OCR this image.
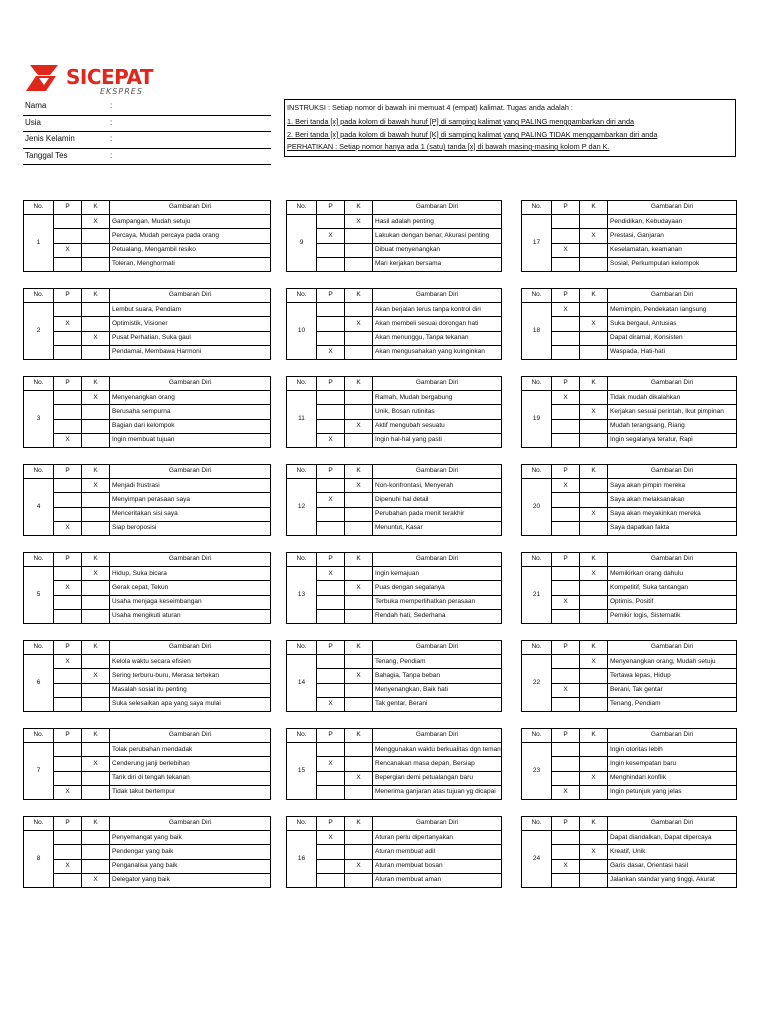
SICEPAT
EKSPRES
Nama	:
Usia	:
Jenis Kelamin	:
Tanggal Tes	:
INSTRUKSI : Setiap nomor di bawah ini memuat 4 (empat) kalimat. Tugas anda adalah :
1. Beri tanda [x] pada kolom di bawah huruf [P] di samping kalimat yang PALING menggambarkan diri anda
2. Beri tanda [x] pada kolom di bawah huruf [K] di samping kalimat yang PALING TIDAK menggambarkan diri anda
PERHATIKAN : Setiap nomor hanya ada 1 (satu) tanda [x] di bawah masing-masing kolom P dan K.
No.	P	K	Gambaran Diri
1		X	Gampangan, Mudah setuju
			Percaya, Mudah percaya pada orang
	X		Petualang, Mengambil resiko
			Toleran, Menghormati
No.	P	K	Gambaran Diri
2			Lembut suara, Pendiam
	X		Optimistik, Visioner
		X	Pusat Perhatian, Suka gaul
			Pendamai, Membawa Harmoni
No.	P	K	Gambaran Diri
3		X	Menyenangkan orang
			Berusaha sempurna
			Bagian dari kelompok
	X		Ingin membuat tujuan
No.	P	K	Gambaran Diri
4		X	Menjadi frustrasi
			Menyimpan perasaan saya
			Menceritakan sisi saya
	X		Siap beroposisi
No.	P	K	Gambaran Diri
5		X	Hidup, Suka bicara
	X		Gerak cepat, Tekun
			Usaha menjaga keseimbangan
			Usaha mengikuti aturan
No.	P	K	Gambaran Diri
6	X		Kelola waktu secara efisien
		X	Sering terburu-buru, Merasa tertekan
			Masalah sosial itu penting
			Suka selesaikan apa yang saya mulai
No.	P	K	Gambaran Diri
7			Tolak perubahan mendadak
		X	Cenderung janji berlebihan
			Tarik diri di tengah tekanan
	X		Tidak takut bertempur
No.	P	K	Gambaran Diri
8			Penyemangat yang baik
			Pendengar yang baik
	X		Penganalisa yang baik
		X	Delegator yang baik
No.	P	K	Gambaran Diri
9		X	Hasil adalah penting
	X		Lakukan dengan benar, Akurasi penting
			Dibuat menyenangkan
			Mari kerjakan bersama
No.	P	K	Gambaran Diri
10			Akan berjalan terus tanpa kontrol diri
		X	Akan membeli sesuai dorongan hati
			Akan menunggu, Tanpa tekanan
	X		Akan mengusahakan yang kuinginkan
No.	P	K	Gambaran Diri
11			Ramah, Mudah bergabung
			Unik, Bosan rutinitas
		X	Aktif mengubah sesuatu
	X		Ingin hal-hal yang pasti
No.	P	K	Gambaran Diri
12		X	Non-konfrontasi, Menyerah
	X		Dipenuhi hal detail
			Perubahan pada menit terakhir
			Menuntut, Kasar
No.	P	K	Gambaran Diri
13	X		Ingin kemajuan
		X	Puas dengan segalanya
			Terbuka memperlihatkan perasaan
			Rendah hati, Sederhana
No.	P	K	Gambaran Diri
14			Tenang, Pendiam
		X	Bahagia, Tanpa beban
			Menyenangkan, Baik hati
	X		Tak gentar, Berani
No.	P	K	Gambaran Diri
15			Menggunakan waktu berkualitas dgn teman
	X		Rencanakan masa depan, Bersiap
		X	Bepergian demi petualangan baru
			Menerima ganjaran atas tujuan yg dicapai
No.	P	K	Gambaran Diri
16	X		Aturan perlu dipertanyakan
			Aturan membuat adil
		X	Aturan membuat bosan
			Aturan membuat aman
No.	P	K	Gambaran Diri
17			Pendidikan, Kebudayaan
		X	Prestasi, Ganjaran
	X		Keselamatan, keamanan
			Sosial, Perkumpulan kelompok
No.	P	K	Gambaran Diri
18	X		Memimpin, Pendekatan langsung
		X	Suka bergaul, Antusias
			Dapat diramal, Konsisten
			Waspada, Hati-hati
No.	P	K	Gambaran Diri
19	X		Tidak mudah dikalahkan
		X	Kerjakan sesuai perintah, Ikut pimpinan
			Mudah terangsang, Riang
			Ingin segalanya teratur, Rapi
No.	P	K	Gambaran Diri
20	X		Saya akan pimpin mereka
			Saya akan melaksanakan
		X	Saya akan meyakinkan mereka
			Saya dapatkan fakta
No.	P	K	Gambaran Diri
21		X	Memikirkan orang dahulu
			Kompetitif, Suka tantangan
	X		Optimis, Positif
			Pemikir logis, Sistematik
No.	P	K	Gambaran Diri
22		X	Menyenangkan orang, Mudah setuju
			Tertawa lepas, Hidup
	X		Berani, Tak gentar
			Tenang, Pendiam
No.	P	K	Gambaran Diri
23			Ingin otoritas lebih
			Ingin kesempatan baru
		X	Menghindari konflik
	X		Ingin petunjuk yang jelas
No.	P	K	Gambaran Diri
24			Dapat diandalkan, Dapat dipercaya
		X	Kreatif, Unik
	X		Garis dasar, Orientasi hasil
			Jalankan standar yang tinggi, Akurat
